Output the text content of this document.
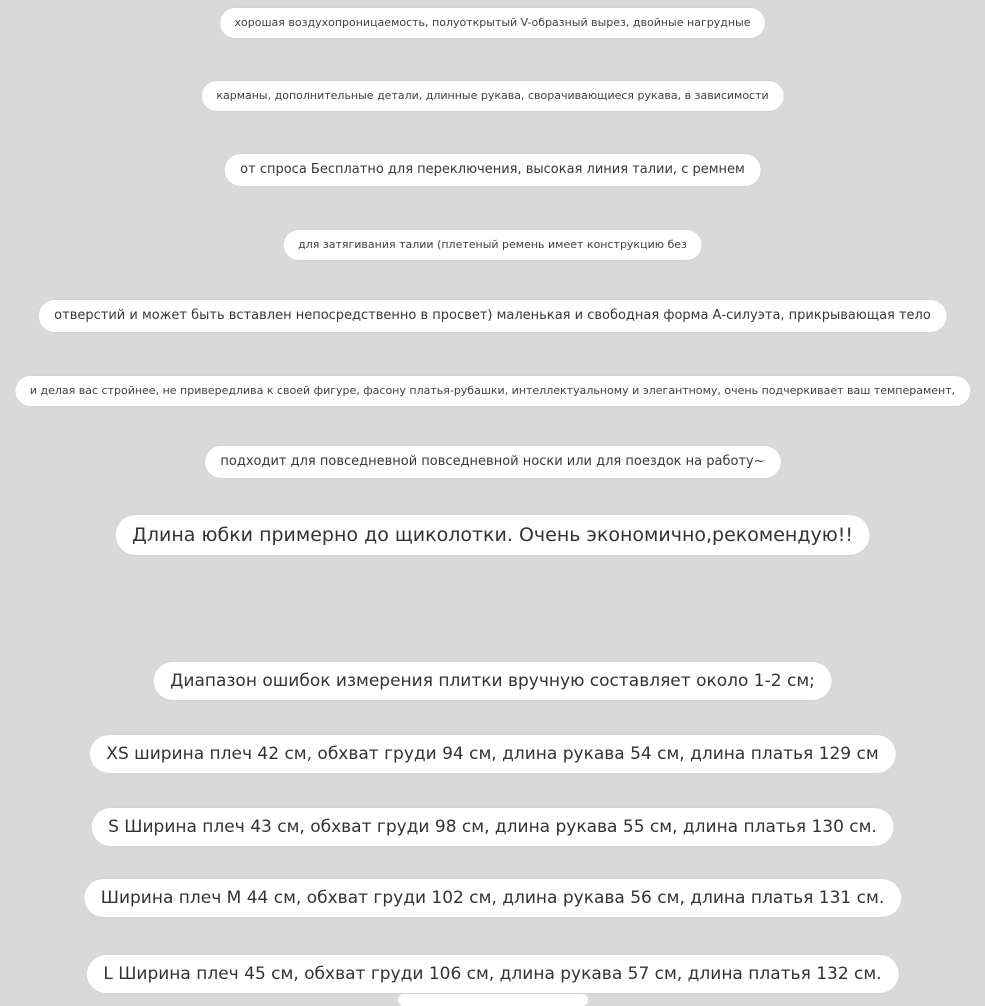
хорошая воздухопроницаемость, полуоткрытый V-образный вырез, двойные нагрудные
карманы, дополнительные детали, длинные рукава, сворачивающиеся рукава, в зависимости
от спроса Бесплатно для переключения, высокая линия талии, с ремнем
для затягивания талии (плетеный ремень имеет конструкцию без
отверстий и может быть вставлен непосредственно в просвет) маленькая и свободная форма А-силуэта, прикрывающая тело
и делая вас стройнее, не привередлива к своей фигуре, фасону платья-рубашки, интеллектуальному и элегантному, очень подчеркивает ваш темперамент,
подходит для повседневной повседневной носки или для поездок на работу~
Длина юбки примерно до щиколотки. Очень экономично,рекомендую!!
Диапазон ошибок измерения плитки вручную составляет около 1-2 см;
XS ширина плеч 42 см, обхват груди 94 см, длина рукава 54 см, длина платья 129 см
S Ширина плеч 43 см, обхват груди 98 см, длина рукава 55 см, длина платья 130 см.
Ширина плеч M 44 см, обхват груди 102 см, длина рукава 56 см, длина платья 131 см.
L Ширина плеч 45 см, обхват груди 106 см, длина рукава 57 см, длина платья 132 см.
